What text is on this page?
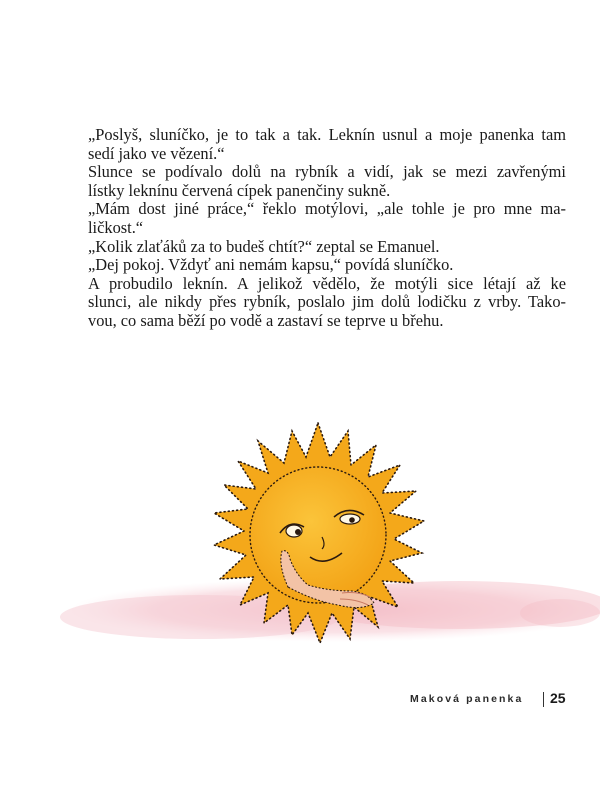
„Poslyš, sluníčko, je to tak a tak. Leknín usnul a moje panenka tam
sedí jako ve vězení.“

Slunce se podívalo dolů na rybník a vidí, jak se mezi zavřenými
lístky leknínu červená cípek panenčiny sukně.

„Mám dost jiné práce,“ řeklo motýlovi, „ale tohle je pro mne ma-
ličkost.“

„Kolik zlaťáků za to budeš chtít?“ zeptal se Emanuel.

„Dej pokoj. Vždyť ani nemám kapsu,“ povídá sluníčko.

A probudilo leknín. A jelikož vědělo, že motýli sice létají až ke
slunci, ale nikdy přes rybník, poslalo jim dolů lodičku z vrby. Tako-
vou, co sama běží po vodě a zastaví se teprve u břehu.

Maková panenka 25
